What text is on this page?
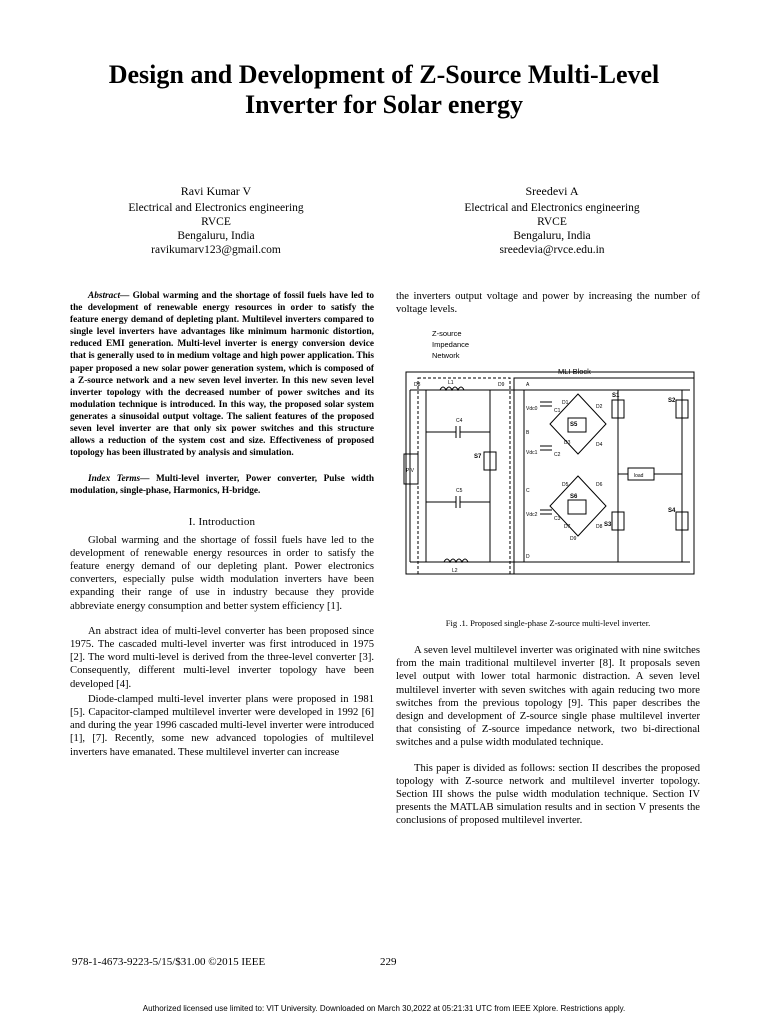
Design and Development of Z-Source Multi-Level
Inverter for Solar energy
Ravi Kumar V
Electrical and Electronics engineering
RVCE
Bengaluru, India
ravikumarv123@gmail.com
Sreedevi A
Electrical and Electronics engineering
RVCE
Bengaluru, India
sreedevia@rvce.edu.in
Abstract— Global warming and the shortage of fossil fuels have led to the development of renewable energy resources in order to satisfy the feature energy demand of depleting plant. Multilevel inverters compared to single level inverters have advantages like minimum harmonic distortion, reduced EMI generation. Multi-level inverter is energy conversion device that is generally used to in medium voltage and high power application. This paper proposed a new solar power generation system, which is composed of a Z-source network and a new seven level inverter. In this new seven level inverter topology with the decreased number of power switches and its modulation technique is introduced. In this way, the proposed solar system generates a sinusoidal output voltage. The salient features of the proposed seven level inverter are that only six power switches and this structure allows a reduction of the system cost and size. Effectiveness of proposed topology has been illustrated by analysis and simulation.
Index Terms— Multi-level inverter, Power converter, Pulse width modulation, single-phase, Harmonics, H-bridge.
I. Introduction
Global warming and the shortage of fossil fuels have led to the development of renewable energy resources in order to satisfy the feature energy demand of our depleting plant. Power electronics converters, especially pulse width modulation inverters have been expanding their range of use in industry because they provide abbreviate energy consumption and better system efficiency [1].
An abstract idea of multi-level converter has been proposed since 1975. The cascaded multi-level inverter was first introduced in 1975 [2]. The word multi-level is derived from the three-level converter [3]. Consequently, different multi-level inverter topology have been developed [4].
Diode-clamped multi-level inverter plans were proposed in 1981 [5]. Capacitor-clamped multilevel inverter were developed in 1992 [6] and during the year 1996 cascaded multi-level inverter were introduced [1], [7]. Recently, some new advanced topologies of multilevel inverters have emanated. These multilevel inverter can increase
the inverters output voltage and power by increasing the number of voltage levels.
Z-source
Impedance
Network
MLI Block
D8	L1	D9	A
C4
C5
P V
S7
Vdc0
Vdc1
Vdc2
C1
C2
C3
D1
D2
D3	D4
D5	D6
D7	D8
D9
S1
S2
S3
S4
S5
S6
load
L2
B
C
D
Fig .1. Proposed single-phase Z-source multi-level inverter.
A seven level multilevel inverter was originated with nine switches from the main traditional multilevel inverter [8]. It proposals seven level output with lower total harmonic distraction. A seven level multilevel inverter with seven switches with again reducing two more switches from the previous topology [9]. This paper describes the design and development of Z-source single phase multilevel inverter that consisting of Z-source impedance network, two bi-directional switches and a pulse width modulated technique.
This paper is divided as follows: section II describes the proposed topology with Z-source network and multilevel inverter topology. Section III shows the pulse width modulation technique. Section IV presents the MATLAB simulation results and in section V presents the conclusions of proposed multilevel inverter.
978-1-4673-9223-5/15/$31.00 ©2015 IEEE	229
Authorized licensed use limited to: VIT University. Downloaded on March 30,2022 at 05:21:31 UTC from IEEE Xplore. Restrictions apply.
